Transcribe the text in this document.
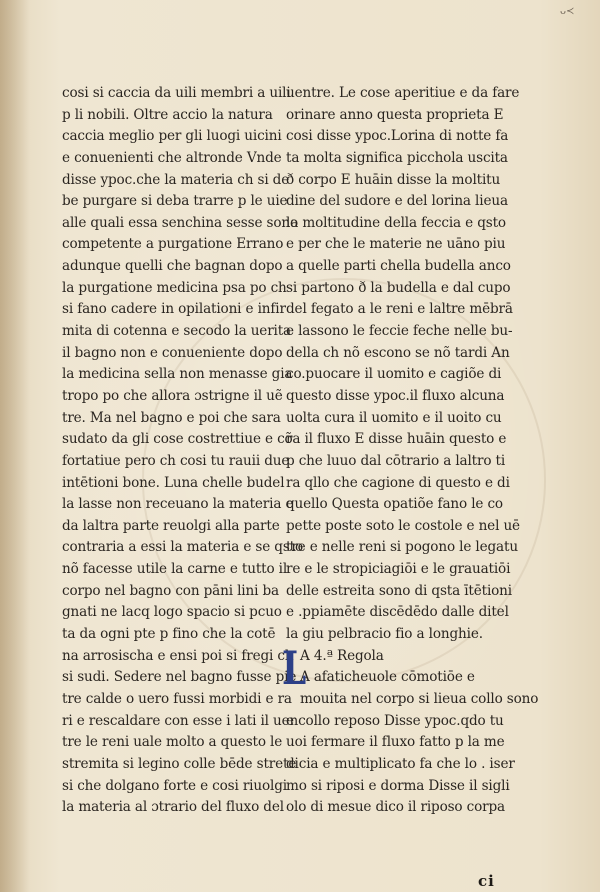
ᴗ≺
cosi si caccia da uili membri a uili
p li nobili. Oltre accio la natura
caccia meglio per gli luogi uicini
e conuenienti che altronde Vnde
disse ypoc.che la materia ch si de
be purgare si deba trarre p le uie
alle quali essa senchina sesse sono
competente a purgatione Errano
adunque quelli che bagnan dopo
la purgatione medicina psa po ch
si fano cadere in opilationi e infir
mita di cotenna e secodo la uerita
il bagno non e conueniente dopo
la medicina sella non menasse gia
tropo po che allora ɔstrigne il uẽ
tre. Ma nel bagno e poi che sara
sudato da gli cose costrettiue e cõ
fortatiue pero ch cosi tu rauii due
intētioni bone. Luna chelle budel
la lasse non receuano la materia e
da laltra parte reuolgi alla parte
contraria a essi la materia e se qsto
nõ facesse utile la carne e tutto il
corpo nel bagno con pāni lini ba
gnati ne lacq logo spacio si pcuo
ta da ogni pte p fino che la cotē
na arrosischa e ensi poi si fregi ch
si sudi. Sedere nel bagno fusse pie
tre calde o uero fussi morbidi e ra
ri e rescaldare con esse i lati il uen
tre le reni uale molto a questo le
stremita si legino colle bēde strete
si che dolgano forte e cosi riuolgi
la materia al ɔtrario del fluxo del
uentre. Le cose aperitiue e da fare
orinare anno questa proprieta E
cosi disse ypoc.Lorina di notte fa
ta molta significa picchola uscita
ð corpo E huāin disse la moltitu
dine del sudore e del lorina lieua
la moltitudine della feccia e qsto
e per che le materie ne uāno piu
a quelle parti chella budella anco
si partono ð la budella e dal cupo
del fegato a le reni e laltre mēbrā
e lassono le feccie feche nelle bu-
della ch nõ escono se nõ tardi An
co.puocare il uomito e cagiõe di
questo disse ypoc.il fluxo alcuna
uolta cura il uomito e il uoito cu
ra il fluxo E disse huāin questo e
p che luuo dal cōtrario a laltro ti
ra qllo che cagione di questo e di
quello Questa opatiõe fano le co
pette poste soto le costole e nel uē
tre e nelle reni si pogono le legatu
re e le stropiciagiōi e le grauatiōi
delle estreita sono di qsta ītētioni
e .ppiamēte discēdēdo dalle ditel
la giu pelbracio fio a longhie.
L
A 4.ª Regola
A afaticheuole cōmotiōe e
mouita nel corpo si lieua collo sono
e collo reposo Disse ypoc.qdo tu
uoi fermare il fluxo fatto p la me
dicia e multiplicato fa che lo . iser
mo si riposi e dorma Disse il sigli
olo di mesue dico il riposo corpa
ci
